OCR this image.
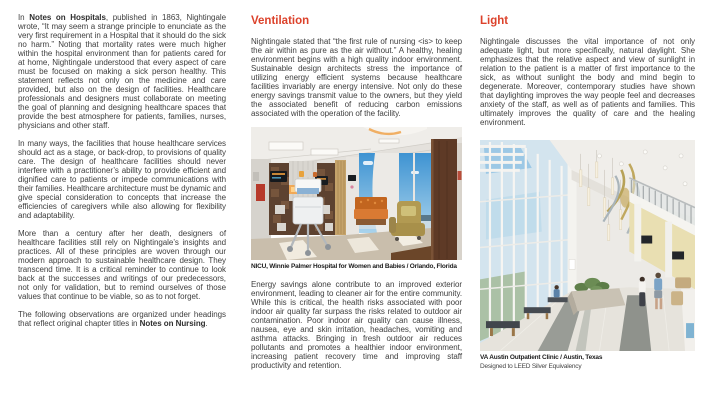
In Notes on Hospitals, published in 1863, Nightingale wrote, “It may seem a strange principle to enunciate as the very first requirement in a Hospital that it should do the sick no harm.” Noting that mortality rates were much higher within the hospital environment than for patients cared for at home, Nightingale understood that every aspect of care must be focused on making a sick person healthy. This statement reflects not only on the medicine and care provided, but also on the design of facilities. Healthcare professionals and designers must collaborate on meeting the goal of planning and designing healthcare spaces that provide the best atmosphere for patients, families, nurses, physicians and other staff.

In many ways, the facilities that house healthcare services should act as a stage, or back-drop, to provisions of quality care. The design of healthcare facilities should never interfere with a practitioner’s ability to provide efficient and dignified care to patients or impede communications with their families. Healthcare architecture must be dynamic and give special consideration to concepts that increase the efficiencies of caregivers while also allowing for flexibility and adaptability.

More than a century after her death, designers of healthcare facilities still rely on Nightingale’s insights and practices. All of these principles are woven through our modern approach to sustainable healthcare design. They transcend time. It is a critical reminder to continue to look back at the successes and writings of our predecessors, not only for validation, but to remind ourselves of those values that continue to be viable, so as to not forget.

The following observations are organized under headings that reflect original chapter titles in Notes on Nursing.

Ventilation

Nightingale stated that “the first rule of nursing <is> to keep the air within as pure as the air without.” A healthy, healing environment begins with a high quality indoor environment. Sustainable design architects stress the importance of utilizing energy efficient systems because healthcare facilities invariably are energy intensive. Not only do these energy savings transmit value to the owners, but they yield the associated benefit of reducing carbon emissions associated with the operation of the facility.

NICU, Winnie Palmer Hospital for Women and Babies / Orlando, Florida

Energy savings alone contribute to an improved exterior environment, leading to cleaner air for the entire community. While this is critical, the health risks associated with poor indoor air quality far surpass the risks related to outdoor air contamination. Poor indoor air quality can cause illness, nausea, eye and skin irritation, headaches, vomiting and asthma attacks. Bringing in fresh outdoor air reduces pollutants and promotes a healthier indoor environment, increasing patient recovery time and improving staff productivity and retention.

Light

Nightingale discusses the vital importance of not only adequate light, but more specifically, natural daylight. She emphasizes that the relative aspect and view of sunlight in relation to the patient is a matter of first importance to the sick, as without sunlight the body and mind begin to degenerate. Moreover, contemporary studies have shown that daylighting improves the way people feel and decreases anxiety of the staff, as well as of patients and families. This ultimately improves the quality of care and the healing environment.

VA Austin Outpatient Clinic / Austin, Texas
Designed to LEED Silver Equivalency
